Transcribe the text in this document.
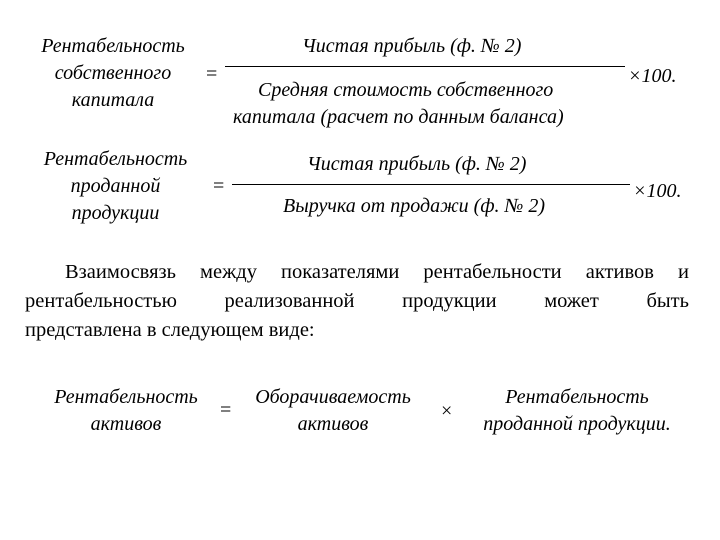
Рентабельность
собственного
капитала
=
Чистая прибыль (ф. № 2)
Средняя стоимость собственного
капитала (расчет по данным баланса)
×100.
Рентабельность
проданной
продукции
=
Чистая прибыль (ф. № 2)
Выручка от продажи (ф. № 2)
×100.

Взаимосвязь между показателями рентабельности активов и

рентабельностью реализованной продукции может быть

представлена в следующем виде:

Рентабельность
активов
=
Оборачиваемость
активов
×
Рентабельность
проданной продукции.
